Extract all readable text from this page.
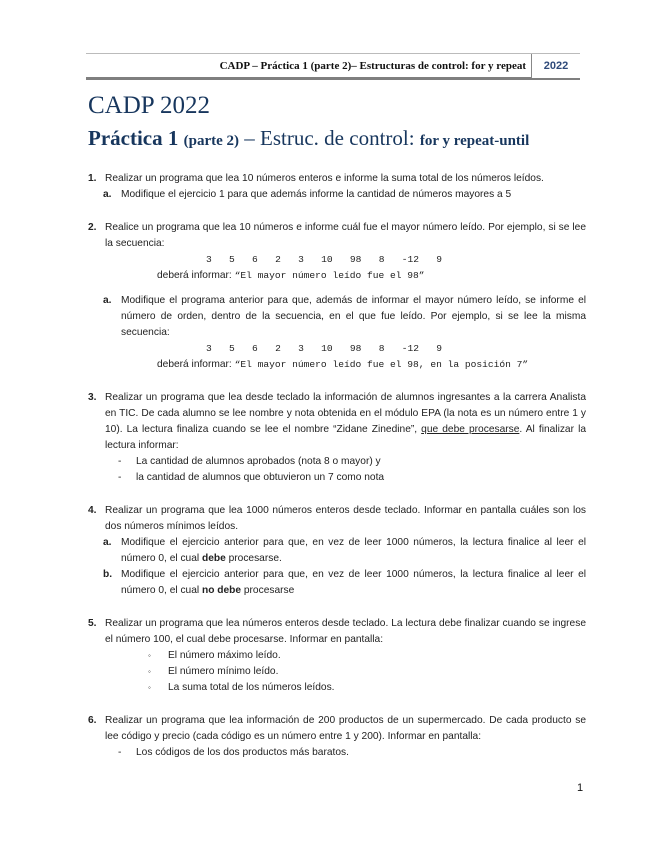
CADP – Práctica 1 (parte 2)– Estructuras de control: for y repeat	2022
CADP 2022
Práctica 1 (parte 2) – Estruc. de control: for y repeat-until
1. Realizar un programa que lea 10 números enteros e informe la suma total de los números leídos.
a. Modifique el ejercicio 1 para que además informe la cantidad de números mayores a 5
2. Realice un programa que lea 10 números e informe cuál fue el mayor número leído. Por ejemplo, si se lee la secuencia:
3   5   6   2   3   10   98   8   -12   9
deberá informar: “El mayor número leído fue el 98”
a. Modifique el programa anterior para que, además de informar el mayor número leído, se informe el número de orden, dentro de la secuencia, en el que fue leído. Por ejemplo, si se lee la misma secuencia:
3   5   6   2   3   10   98   8   -12   9
deberá informar: “El mayor número leído fue el 98, en la posición 7”
3. Realizar un programa que lea desde teclado la información de alumnos ingresantes a la carrera Analista en TIC. De cada alumno se lee nombre y nota obtenida en el módulo EPA (la nota es un número entre 1 y 10). La lectura finaliza cuando se lee el nombre “Zidane Zinedine”, que debe procesarse. Al finalizar la lectura informar:
- La cantidad de alumnos aprobados (nota 8 o mayor) y
- la cantidad de alumnos que obtuvieron un 7 como nota
4. Realizar un programa que lea 1000 números enteros desde teclado. Informar en pantalla cuáles son los dos números mínimos leídos.
a. Modifique el ejercicio anterior para que, en vez de leer 1000 números, la lectura finalice al leer el número 0, el cual debe procesarse.
b. Modifique el ejercicio anterior para que, en vez de leer 1000 números, la lectura finalice al leer el número 0, el cual no debe procesarse
5. Realizar un programa que lea números enteros desde teclado. La lectura debe finalizar cuando se ingrese el número 100, el cual debe procesarse. Informar en pantalla:
◦ El número máximo leído.
◦ El número mínimo leído.
◦ La suma total de los números leídos.
6. Realizar un programa que lea información de 200 productos de un supermercado. De cada producto se lee código y precio (cada código es un número entre 1 y 200). Informar en pantalla:
- Los códigos de los dos productos más baratos.
1
